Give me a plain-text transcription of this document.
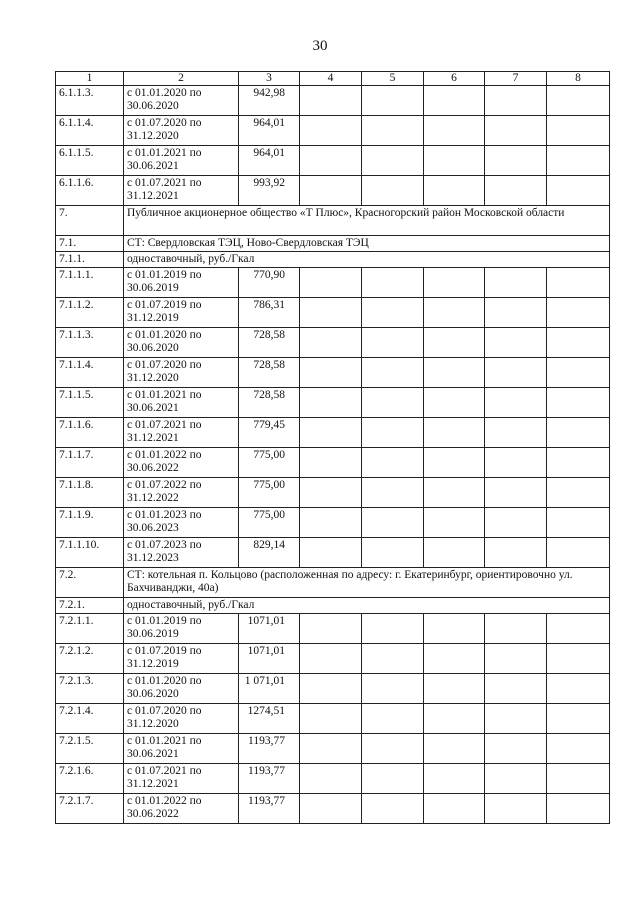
30
1	2	3	4	5	6	7	8
6.1.1.3.	с 01.01.2020 по 30.06.2020	942,98					
6.1.1.4.	с 01.07.2020 по 31.12.2020	964,01					
6.1.1.5.	с 01.01.2021 по 30.06.2021	964,01					
6.1.1.6.	с 01.07.2021 по 31.12.2021	993,92					
7.	Публичное акционерное общество «Т Плюс», Красногорский район Московской области						
7.1.	СТ: Свердловская ТЭЦ, Ново-Свердловская ТЭЦ						
7.1.1.	одноставочный, руб./Гкал						
7.1.1.1.	с 01.01.2019 по 30.06.2019	770,90					
7.1.1.2.	с 01.07.2019 по 31.12.2019	786,31					
7.1.1.3.	с 01.01.2020 по 30.06.2020	728,58					
7.1.1.4.	с 01.07.2020 по 31.12.2020	728,58					
7.1.1.5.	с 01.01.2021 по 30.06.2021	728,58					
7.1.1.6.	с 01.07.2021 по 31.12.2021	779,45					
7.1.1.7.	с 01.01.2022 по 30.06.2022	775,00					
7.1.1.8.	с 01.07.2022 по 31.12.2022	775,00					
7.1.1.9.	с 01.01.2023 по 30.06.2023	775,00					
7.1.1.10.	с 01.07.2023 по 31.12.2023	829,14					
7.2.	СТ: котельная п. Кольцово (расположенная по адресу: г. Екатеринбург, ориентировочно ул. Бахчиванджи, 40а)						
7.2.1.	одноставочный, руб./Гкал						
7.2.1.1.	с 01.01.2019 по 30.06.2019	1071,01					
7.2.1.2.	с 01.07.2019 по 31.12.2019	1071,01					
7.2.1.3.	с 01.01.2020 по 30.06.2020	1 071,01					
7.2.1.4.	с 01.07.2020 по 31.12.2020	1274,51					
7.2.1.5.	с 01.01.2021 по 30.06.2021	1193,77					
7.2.1.6.	с 01.07.2021 по 31.12.2021	1193,77					
7.2.1.7.	с 01.01.2022 по 30.06.2022	1193,77					
